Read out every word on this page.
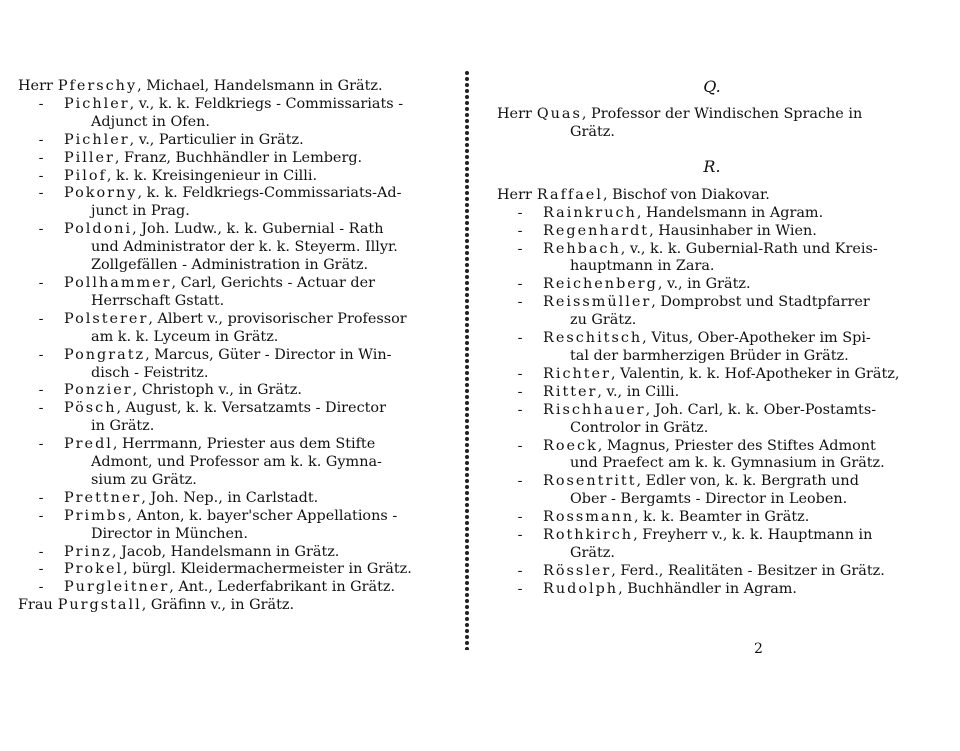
Herr Pferschy, Michael, Handelsmann in Grätz.
- Pichler, v., k. k. Feldkriegs - Commissariats -
Adjunct in Ofen.
- Pichler, v., Particulier in Grätz.
- Piller, Franz, Buchhändler in Lemberg.
- Pilof, k. k. Kreisingenieur in Cilli.
- Pokorny, k. k. Feldkriegs-Commissariats-Ad-
junct in Prag.
- Poldoni, Joh. Ludw., k. k. Gubernial - Rath
und Administrator der k. k. Steyerm. Illyr.
Zollgefällen - Administration in Grätz.
- Pollhammer, Carl, Gerichts - Actuar der
Herrschaft Gstatt.
- Polsterer, Albert v., provisorischer Professor
am k. k. Lyceum in Grätz.
- Pongratz, Marcus, Güter - Director in Win-
disch - Feistritz.
- Ponzier, Christoph v., in Grätz.
- Pösch, August, k. k. Versatzamts - Director
in Grätz.
- Predl, Herrmann, Priester aus dem Stifte
Admont, und Professor am k. k. Gymna-
sium zu Grätz.
- Prettner, Joh. Nep., in Carlstadt.
- Primbs, Anton, k. bayer'scher Appellations -
Director in München.
- Prinz, Jacob, Handelsmann in Grätz.
- Prokel, bürgl. Kleidermachermeister in Grätz.
- Purgleitner, Ant., Lederfabrikant in Grätz.
Frau Purgstall, Gräfinn v., in Grätz.
Q.
Herr Quas, Professor der Windischen Sprache in
Grätz.
R.
Herr Raffael, Bischof von Diakovar.
- Rainkruch, Handelsmann in Agram.
- Regenhardt, Hausinhaber in Wien.
- Rehbach, v., k. k. Gubernial-Rath und Kreis-
hauptmann in Zara.
- Reichenberg, v., in Grätz.
- Reissmüller, Domprobst und Stadtpfarrer
zu Grätz.
- Reschitsch, Vitus, Ober-Apotheker im Spi-
tal der barmherzigen Brüder in Grätz.
- Richter, Valentin, k. k. Hof-Apotheker in Grätz,
- Ritter, v., in Cilli.
- Rischhauer, Joh. Carl, k. k. Ober-Postamts-
Controlor in Grätz.
- Roeck, Magnus, Priester des Stiftes Admont
und Praefect am k. k. Gymnasium in Grätz.
- Rosentritt, Edler von, k. k. Bergrath und
Ober - Bergamts - Director in Leoben.
- Rossmann, k. k. Beamter in Grätz.
- Rothkirch, Freyherr v., k. k. Hauptmann in
Grätz.
- Rössler, Ferd., Realitäten - Besitzer in Grätz.
- Rudolph, Buchhändler in Agram.
2
